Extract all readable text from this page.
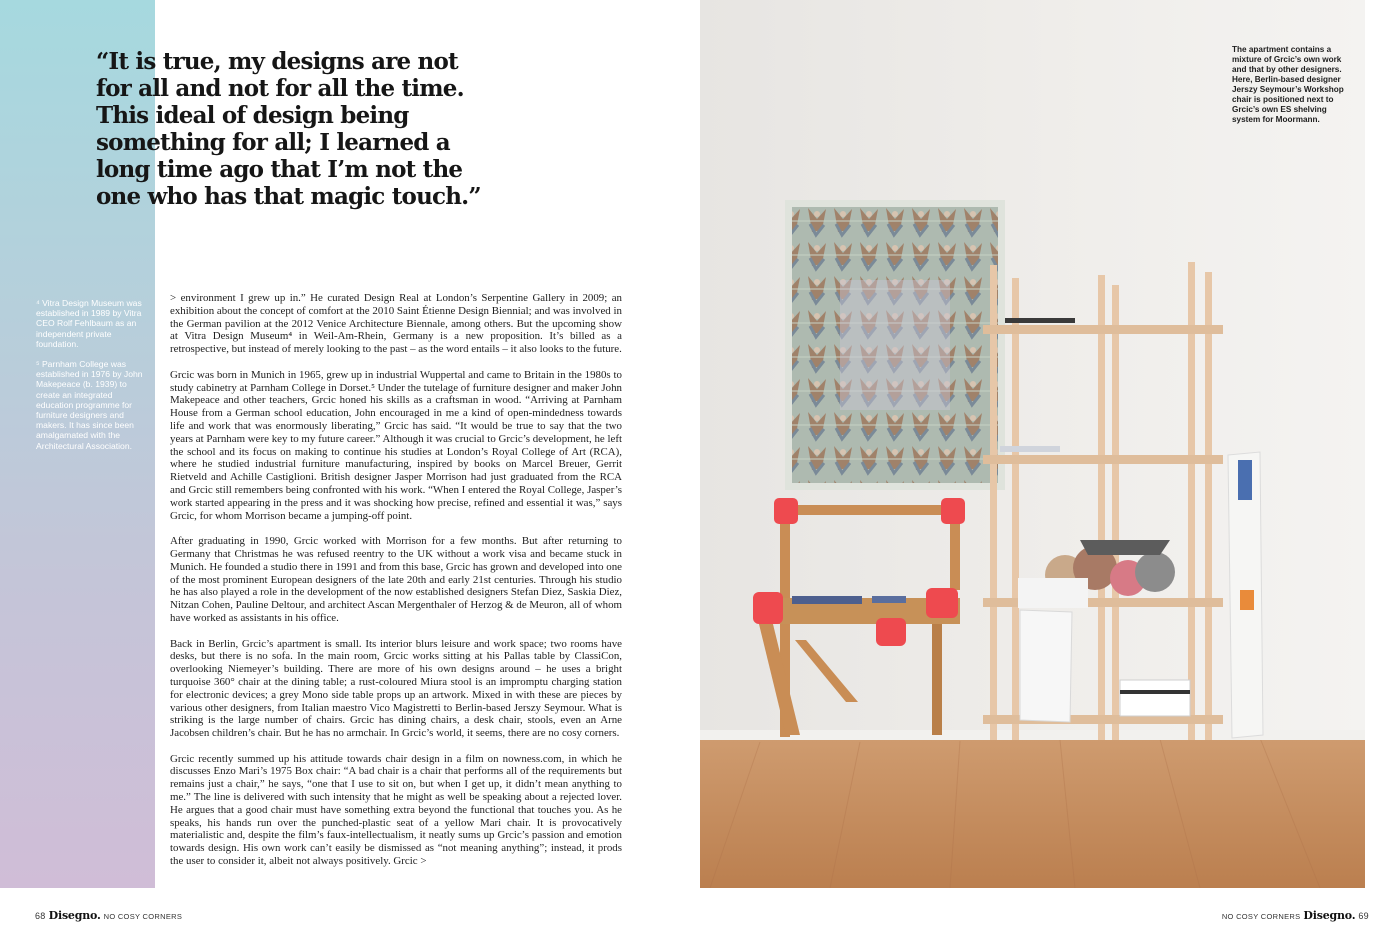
“It is true, my designs are not for all and not for all the time. This ideal of design being something for all; I learned a long time ago that I’m not the one who has that magic touch.”

⁴ Vitra Design Museum was established in 1989 by Vitra CEO Rolf Fehlbaum as an independent private foundation.

⁵ Parnham College was established in 1976 by John Makepeace (b. 1939) to create an integrated education programme for furniture designers and makers. It has since been amalgamated with the Architectural Association.

> environment I grew up in.” He curated Design Real at London’s Serpentine Gallery in 2009; an exhibition about the concept of comfort at the 2010 Saint Étienne Design Biennial; and was involved in the German pavilion at the 2012 Venice Architecture Biennale, among others. But the upcoming show at Vitra Design Museum⁴ in Weil-Am-Rhein, Germany is a new proposition. It’s billed as a retrospective, but instead of merely looking to the past – as the word entails – it also looks to the future.

Grcic was born in Munich in 1965, grew up in industrial Wuppertal and came to Britain in the 1980s to study cabinetry at Parnham College in Dorset.⁵ Under the tutelage of furniture designer and maker John Makepeace and other teachers, Grcic honed his skills as a craftsman in wood. “Arriving at Parnham House from a German school education, John encouraged in me a kind of open-mindedness towards life and work that was enormously liberating,” Grcic has said. “It would be true to say that the two years at Parnham were key to my future career.” Although it was crucial to Grcic’s development, he left the school and its focus on making to continue his studies at London’s Royal College of Art (RCA), where he studied industrial furniture manufacturing, inspired by books on Marcel Breuer, Gerrit Rietveld and Achille Castiglioni. British designer Jasper Morrison had just graduated from the RCA and Grcic still remembers being confronted with his work. “When I entered the Royal College, Jasper’s work started appearing in the press and it was shocking how precise, refined and essential it was,” says Grcic, for whom Morrison became a jumping-off point.

After graduating in 1990, Grcic worked with Morrison for a few months. But after returning to Germany that Christmas he was refused reentry to the UK without a work visa and became stuck in Munich. He founded a studio there in 1991 and from this base, Grcic has grown and developed into one of the most prominent European designers of the late 20th and early 21st centuries. Through his studio he has also played a role in the development of the now established designers Stefan Diez, Saskia Diez, Nitzan Cohen, Pauline Deltour, and architect Ascan Mergenthaler of Herzog & de Meuron, all of whom have worked as assistants in his office.

Back in Berlin, Grcic’s apartment is small. Its interior blurs leisure and work space; two rooms have desks, but there is no sofa. In the main room, Grcic works sitting at his Pallas table by ClassiCon, overlooking Niemeyer’s building. There are more of his own designs around – he uses a bright turquoise 360° chair at the dining table; a rust-coloured Miura stool is an impromptu charging station for electronic devices; a grey Mono side table props up an artwork. Mixed in with these are pieces by various other designers, from Italian maestro Vico Magistretti to Berlin-based Jerszy Seymour. What is striking is the large number of chairs. Grcic has dining chairs, a desk chair, stools, even an Arne Jacobsen children’s chair. But he has no armchair. In Grcic’s world, it seems, there are no cosy corners.

Grcic recently summed up his attitude towards chair design in a film on nowness.com, in which he discusses Enzo Mari’s 1975 Box chair: “A bad chair is a chair that performs all of the requirements but remains just a chair,” he says, “one that I use to sit on, but when I get up, it didn’t mean anything to me.” The line is delivered with such intensity that he might as well be speaking about a rejected lover. He argues that a good chair must have something extra beyond the functional that touches you. As he speaks, his hands run over the punched-plastic seat of a yellow Mari chair. It is provocatively materialistic and, despite the film’s faux-intellectualism, it neatly sums up Grcic’s passion and emotion towards design. His own work can’t easily be dismissed as “not meaning anything”; instead, it prods the user to consider it, albeit not always positively. Grcic >

68 Disegno. NO COSY CORNERS

The apartment contains a mixture of Grcic’s own work and that by other designers. Here, Berlin-based designer Jerszy Seymour’s Workshop chair is positioned next to Grcic’s own ES shelving system for Moormann.

NO COSY CORNERS Disegno. 69
